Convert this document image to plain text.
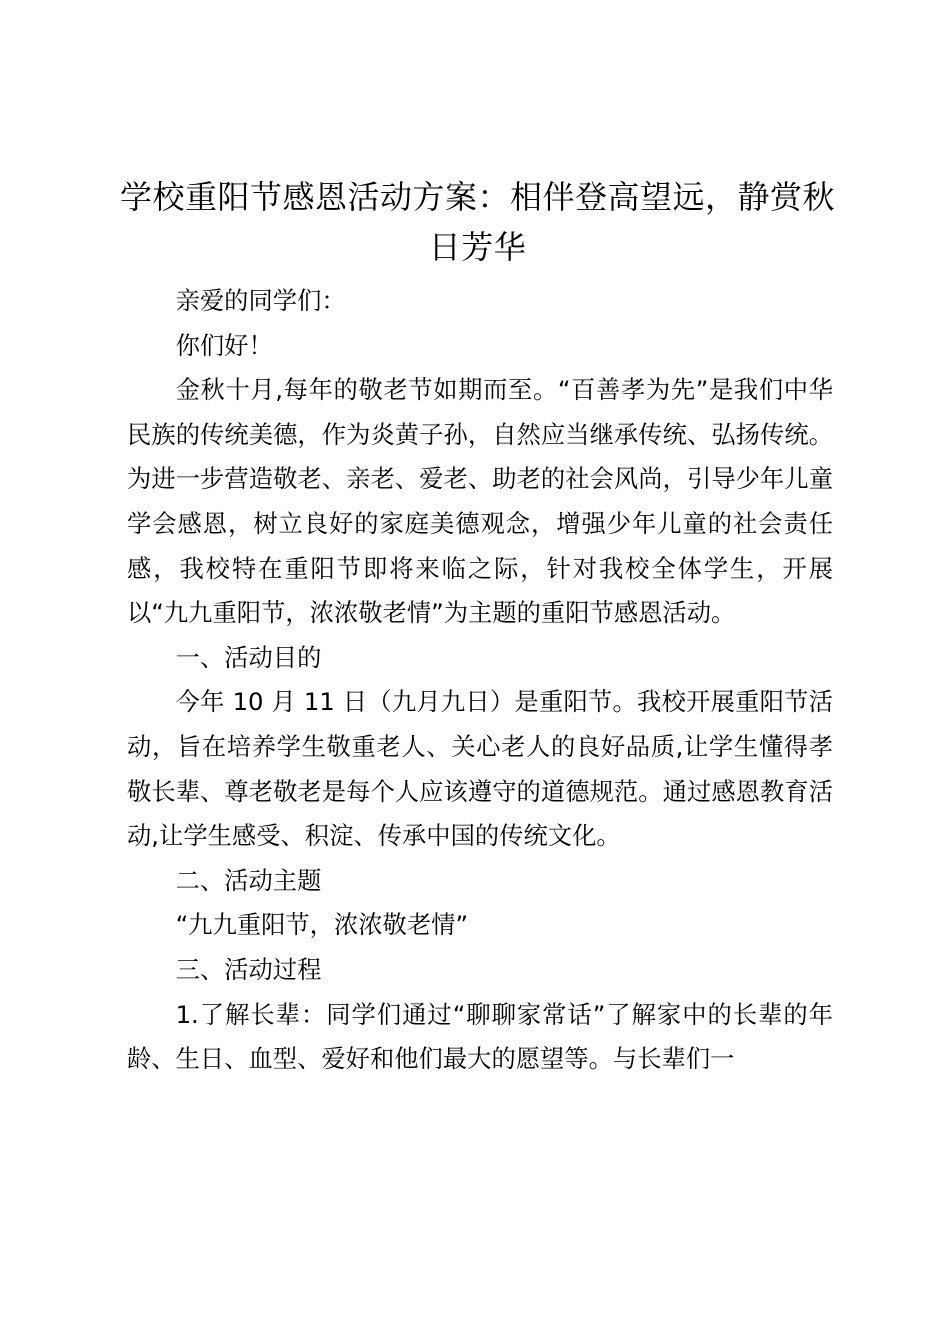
学校重阳节感恩活动方案：相伴登高望远，静赏秋日芳华

亲爱的同学们：

你们好！

金秋十月,每年的敬老节如期而至。“百善孝为先”是我们中华民族的传统美德，作为炎黄子孙，自然应当继承传统、弘扬传统。为进一步营造敬老、亲老、爱老、助老的社会风尚，引导少年儿童学会感恩，树立良好的家庭美德观念，增强少年儿童的社会责任感，我校特在重阳节即将来临之际，针对我校全体学生，开展以“九九重阳节，浓浓敬老情”为主题的重阳节感恩活动。

一、活动目的

今年 10 月 11 日（九月九日）是重阳节。我校开展重阳节活动，旨在培养学生敬重老人、关心老人的良好品质,让学生懂得孝敬长辈、尊老敬老是每个人应该遵守的道德规范。通过感恩教育活动,让学生感受、积淀、传承中国的传统文化。

二、活动主题

“九九重阳节，浓浓敬老情”

三、活动过程

1.了解长辈：同学们通过“聊聊家常话”了解家中的长辈的年龄、生日、血型、爱好和他们最大的愿望等。与长辈们一
